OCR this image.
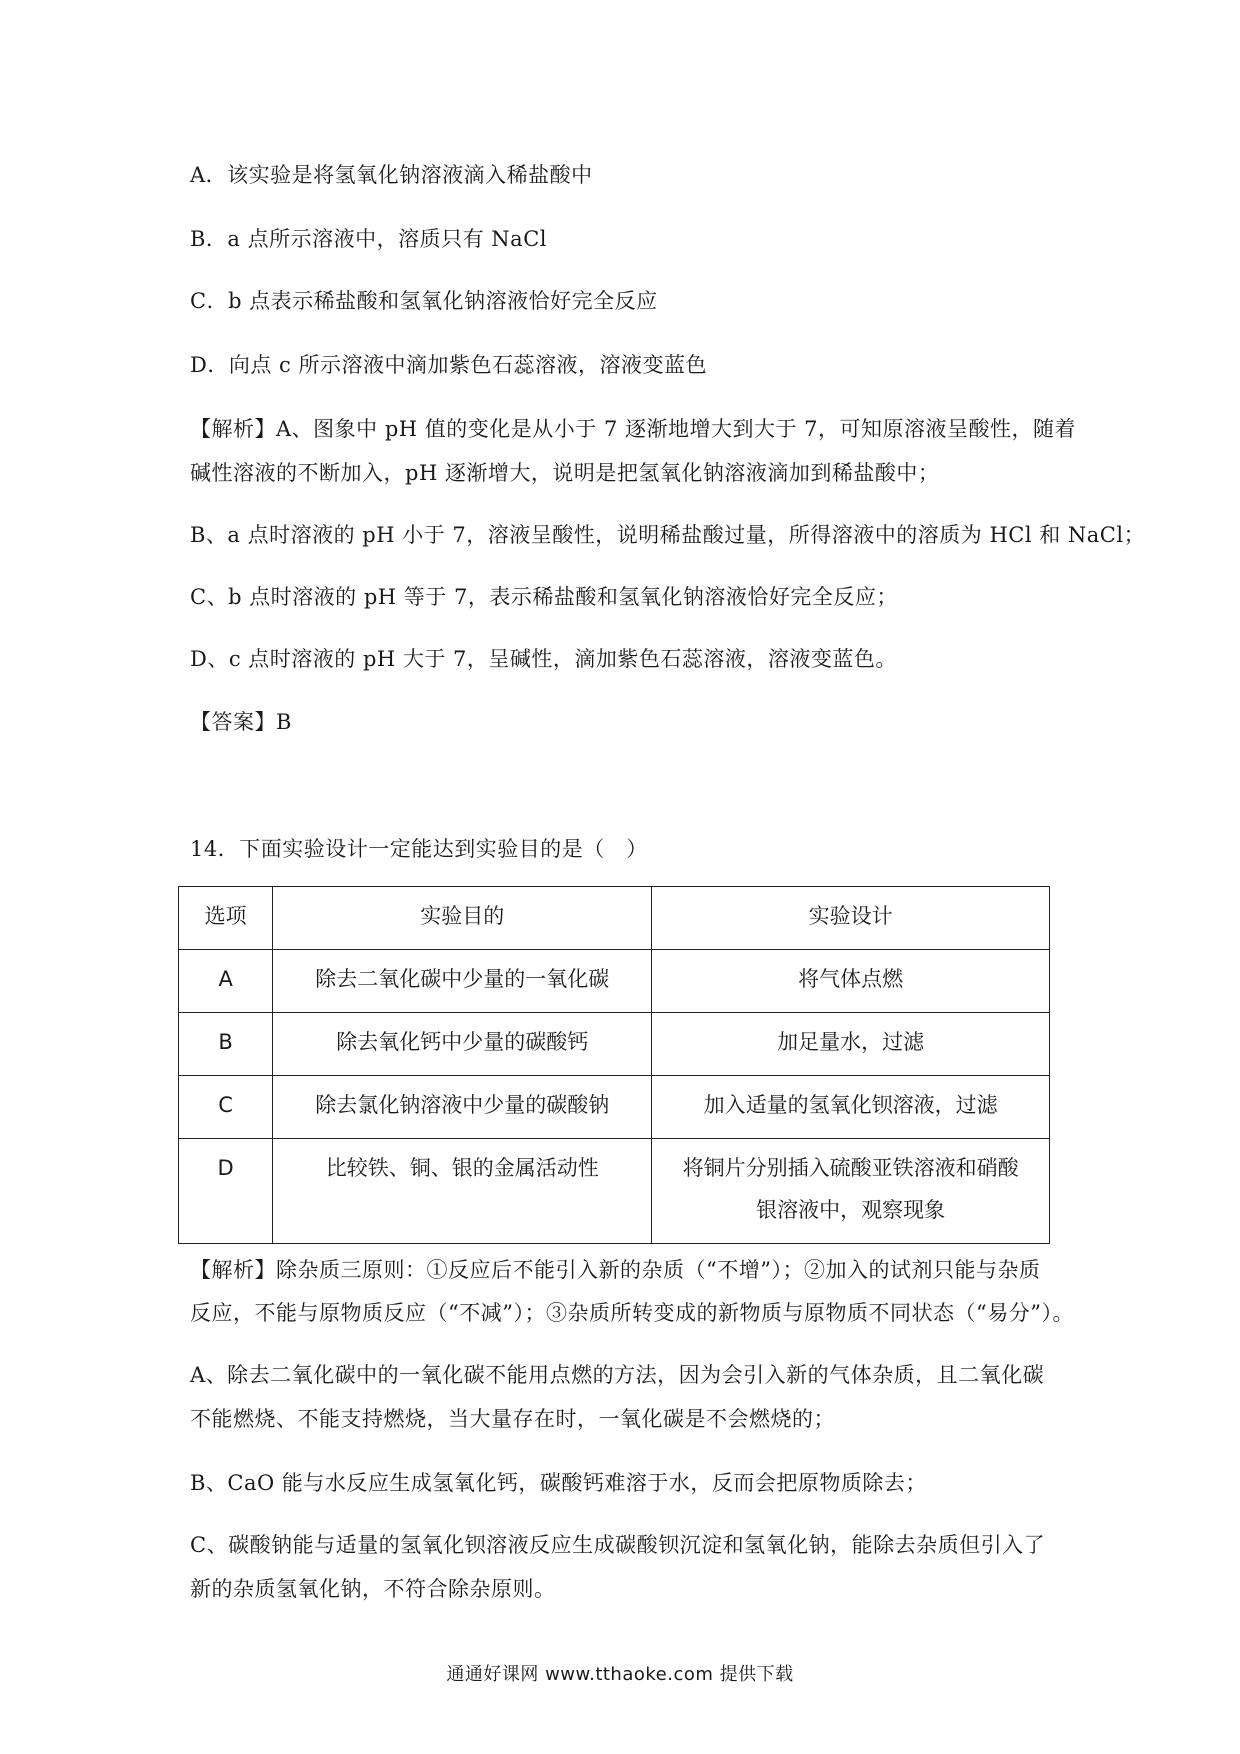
A．该实验是将氢氧化钠溶液滴入稀盐酸中
B．a 点所示溶液中，溶质只有 NaCl
C．b 点表示稀盐酸和氢氧化钠溶液恰好完全反应
D．向点 c 所示溶液中滴加紫色石蕊溶液，溶液变蓝色
【解析】A、图象中 pH 值的变化是从小于 7 逐渐地增大到大于 7，可知原溶液呈酸性，随着
碱性溶液的不断加入，pH 逐渐增大，说明是把氢氧化钠溶液滴加到稀盐酸中；
B、a 点时溶液的 pH 小于 7，溶液呈酸性，说明稀盐酸过量，所得溶液中的溶质为 HCl 和 NaCl；
C、b 点时溶液的 pH 等于 7，表示稀盐酸和氢氧化钠溶液恰好完全反应；
D、c 点时溶液的 pH 大于 7，呈碱性，滴加紫色石蕊溶液，溶液变蓝色。
【答案】B
14．下面实验设计一定能达到实验目的是（　）
选项	实验目的	实验设计
A	除去二氧化碳中少量的一氧化碳	将气体点燃
B	除去氧化钙中少量的碳酸钙	加足量水，过滤
C	除去氯化钠溶液中少量的碳酸钠	加入适量的氢氧化钡溶液，过滤
D	比较铁、铜、银的金属活动性	将铜片分别插入硫酸亚铁溶液和硝酸
银溶液中，观察现象
【解析】除杂质三原则：①反应后不能引入新的杂质（“不增”）；②加入的试剂只能与杂质
反应，不能与原物质反应（“不减”）；③杂质所转变成的新物质与原物质不同状态（“易分”）。
A、除去二氧化碳中的一氧化碳不能用点燃的方法，因为会引入新的气体杂质，且二氧化碳
不能燃烧、不能支持燃烧，当大量存在时，一氧化碳是不会燃烧的；
B、CaO 能与水反应生成氢氧化钙，碳酸钙难溶于水，反而会把原物质除去；
C、碳酸钠能与适量的氢氧化钡溶液反应生成碳酸钡沉淀和氢氧化钠，能除去杂质但引入了
新的杂质氢氧化钠，不符合除杂原则。
通通好课网 www.tthaoke.com 提供下载
